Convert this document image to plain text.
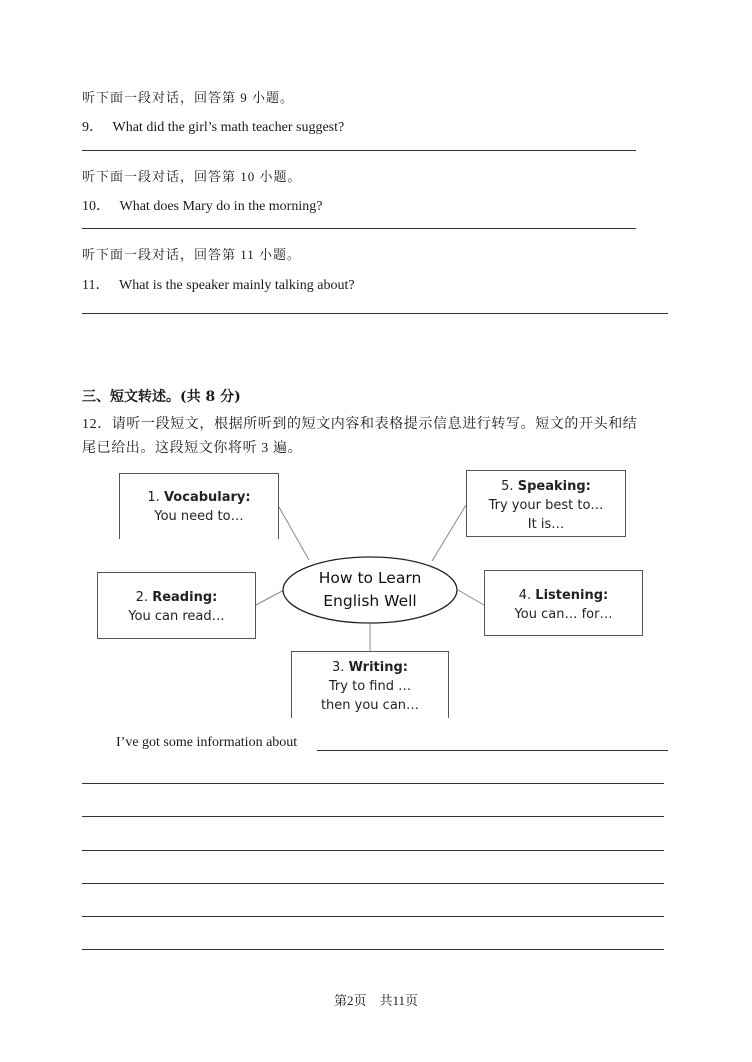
听下面一段对话，回答第 9 小题。
9． What did the girl’s math teacher suggest?
听下面一段对话，回答第 10 小题。
10． What does Mary do in the morning?
听下面一段对话，回答第 11 小题。
11． What is the speaker mainly talking about?
三、短文转述。(共 8 分)
12．请听一段短文，根据所听到的短文内容和表格提示信息进行转写。短文的开头和结
尾已给出。这段短文你将听 3 遍。
How to Learn
English Well
1. Vocabulary:
You need to…
2. Reading:
You can read…
3. Writing:
Try to find …
then you can…
4. Listening:
You can… for…
5. Speaking:
Try your best to…
It is…
I’ve got some information about
第2页　共11页
